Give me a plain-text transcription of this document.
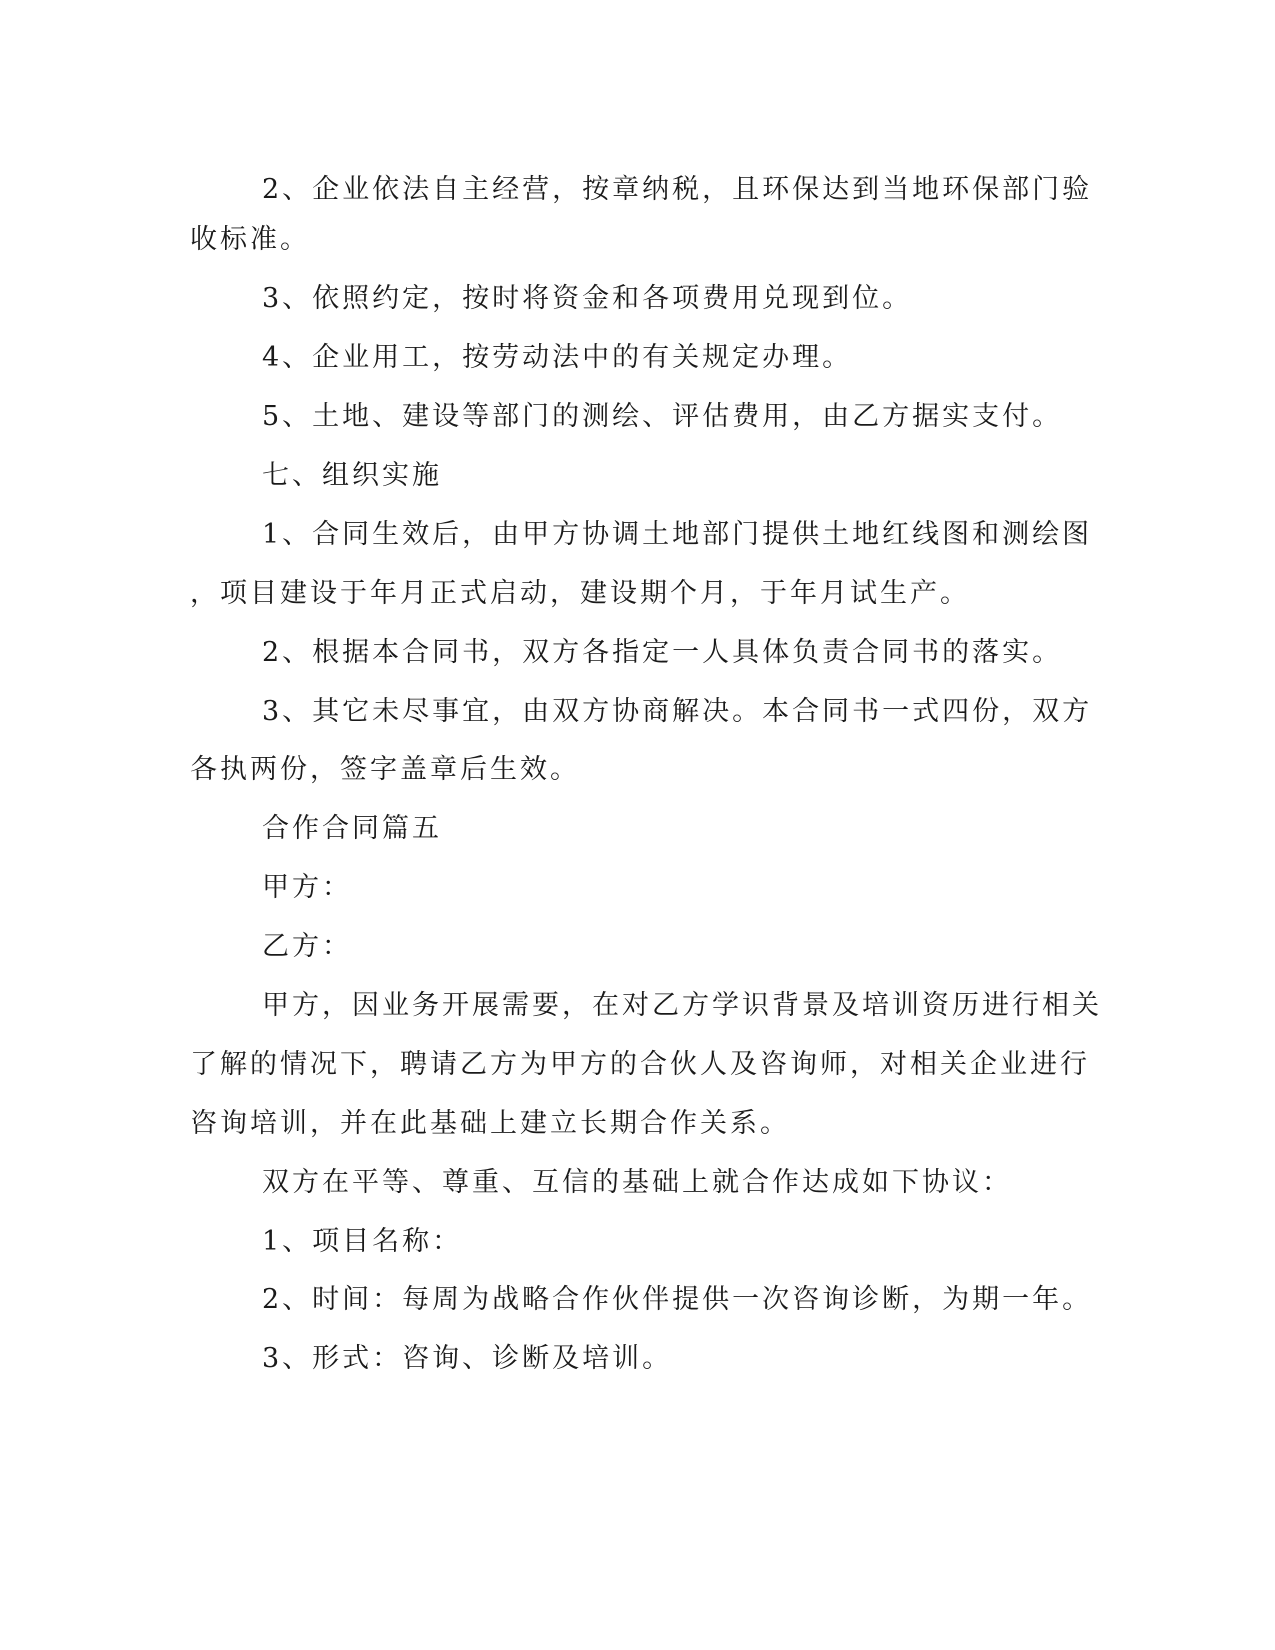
2、企业依法自主经营，按章纳税，且环保达到当地环保部门验
收标准。
3、依照约定，按时将资金和各项费用兑现到位。
4、企业用工，按劳动法中的有关规定办理。
5、土地、建设等部门的测绘、评估费用，由乙方据实支付。
七、组织实施
1、合同生效后，由甲方协调土地部门提供土地红线图和测绘图
，项目建设于年月正式启动，建设期个月，于年月试生产。
2、根据本合同书，双方各指定一人具体负责合同书的落实。
3、其它未尽事宜，由双方协商解决。本合同书一式四份，双方
各执两份，签字盖章后生效。
合作合同篇五
甲方：
乙方：
甲方，因业务开展需要，在对乙方学识背景及培训资历进行相关
了解的情况下，聘请乙方为甲方的合伙人及咨询师，对相关企业进行
咨询培训，并在此基础上建立长期合作关系。
双方在平等、尊重、互信的基础上就合作达成如下协议：
1、项目名称：
2、时间：每周为战略合作伙伴提供一次咨询诊断，为期一年。
3、形式：咨询、诊断及培训。
